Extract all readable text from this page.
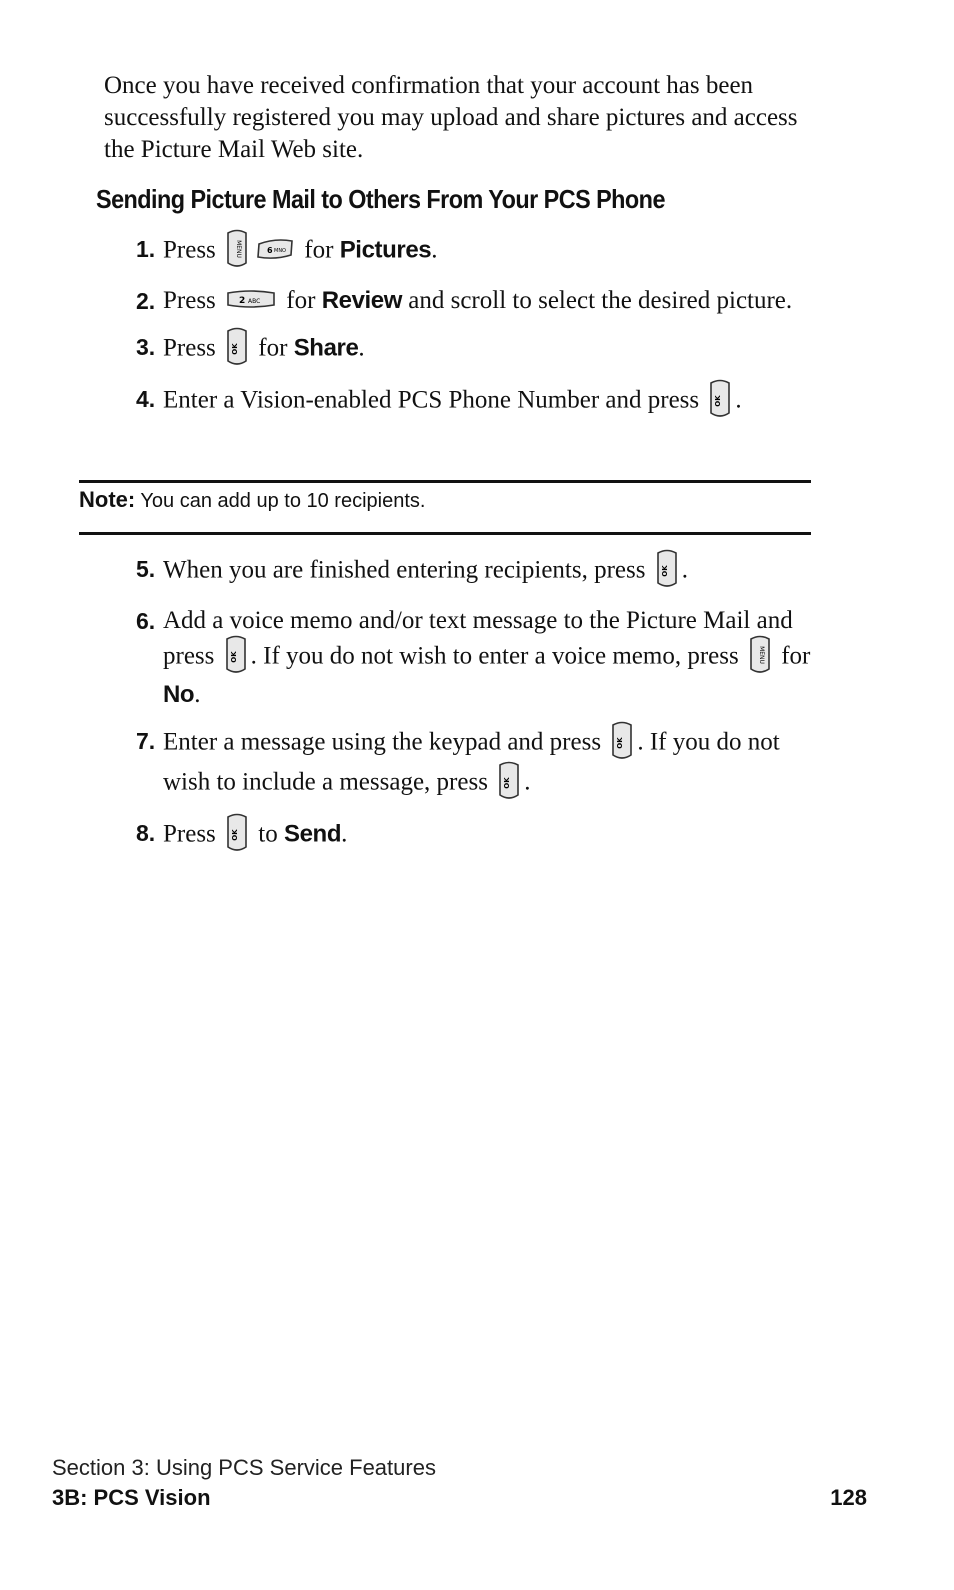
Once you have received confirmation that your account has been successfully registered you may upload and share pictures and access the Picture Mail Web site.

Sending Picture Mail to Others From Your PCS Phone
1. Press	MENU	6 MNO for Pictures.
2. Press	2 ABC for Review and scroll to select the desired picture.
3. Press OK for Share.
4. Enter a Vision-enabled PCS Phone Number and press OK .

Note: You can add up to 10 recipients.

5. When you are finished entering recipients, press OK .
6. Add a voice memo and/or text message to the Picture Mail and press OK . If you do not wish to enter a voice memo, press	MENU for No.
7. Enter a message using the keypad and press OK . If you do not wish to include a message, press OK .
8. Press OK to Send.
Section 3: Using PCS Service Features
3B: PCS Vision	128
